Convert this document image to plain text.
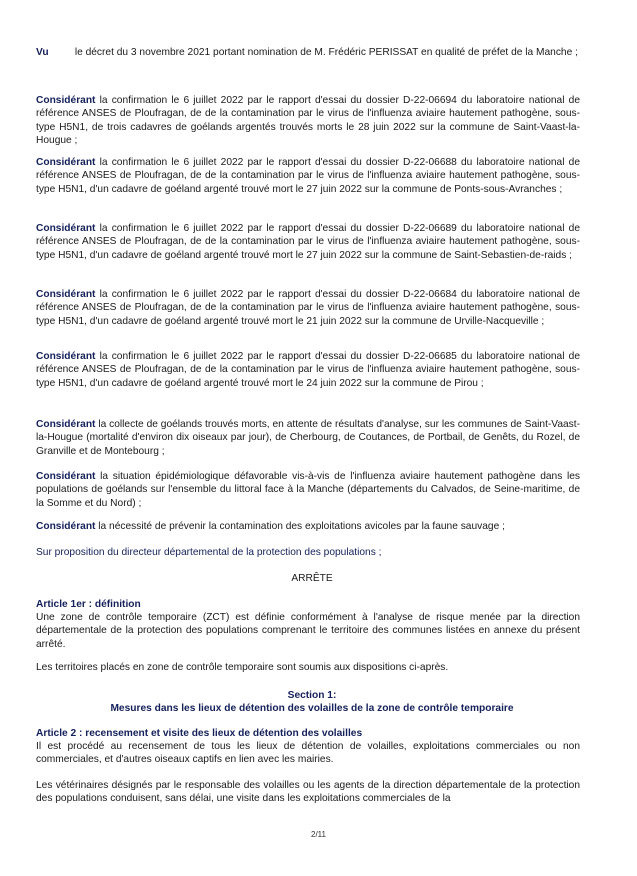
Vu	le décret du 3 novembre 2021 portant nomination de M. Frédéric PERISSAT en qualité de préfet de la Manche ;
Considérant la confirmation le 6 juillet 2022 par le rapport d'essai du dossier D-22-06694 du laboratoire national de référence ANSES de Ploufragan, de de la contamination par le virus de l'influenza aviaire hautement pathogène, sous-type H5N1, de trois cadavres de goélands argentés trouvés morts le 28 juin 2022 sur la commune de Saint-Vaast-la-Hougue ;
Considérant la confirmation le 6 juillet 2022 par le rapport d'essai du dossier D-22-06688 du laboratoire national de référence ANSES de Ploufragan, de de la contamination par le virus de l'influenza aviaire hautement pathogène, sous-type H5N1, d'un cadavre de goéland argenté trouvé mort le 27 juin 2022 sur la commune de Ponts-sous-Avranches ;
Considérant la confirmation le 6 juillet 2022 par le rapport d'essai du dossier D-22-06689 du laboratoire national de référence ANSES de Ploufragan, de de la contamination par le virus de l'influenza aviaire hautement pathogène, sous-type H5N1, d'un cadavre de goéland argenté trouvé mort le 27 juin 2022 sur la commune de Saint-Sebastien-de-raids ;
Considérant la confirmation le 6 juillet 2022 par le rapport d'essai du dossier D-22-06684 du laboratoire national de référence ANSES de Ploufragan, de de la contamination par le virus de l'influenza aviaire hautement pathogène, sous-type H5N1, d'un cadavre de goéland argenté trouvé mort le 21 juin 2022 sur la commune de Urville-Nacqueville ;
Considérant la confirmation le 6 juillet 2022 par le rapport d'essai du dossier D-22-06685 du laboratoire national de référence ANSES de Ploufragan, de de la contamination par le virus de l'influenza aviaire hautement pathogène, sous-type H5N1, d'un cadavre de goéland argenté trouvé mort le 24 juin 2022 sur la commune de Pirou ;
Considérant la collecte de goélands trouvés morts, en attente de résultats d'analyse, sur les communes de Saint-Vaast-la-Hougue (mortalité d'environ dix oiseaux par jour), de Cherbourg, de Coutances, de Portbail, de Genêts, du Rozel, de Granville et de Montebourg ;
Considérant la situation épidémiologique défavorable vis-à-vis de l'influenza aviaire hautement pathogène dans les populations de goélands sur l'ensemble du littoral face à la Manche (départements du Calvados, de Seine-maritime, de la Somme et du Nord) ;
Considérant la nécessité de prévenir la contamination des exploitations avicoles par la faune sauvage ;
Sur proposition du directeur départemental de la protection des populations ;
ARRÊTE
Article 1er : définition
Une zone de contrôle temporaire (ZCT) est définie conformément à l'analyse de risque menée par la direction départementale de la protection des populations comprenant le territoire des communes listées en annexe du présent arrêté.
Les territoires placés en zone de contrôle temporaire sont soumis aux dispositions ci-après.
Section 1:
Mesures dans les lieux de détention des volailles de la zone de contrôle temporaire
Article 2 : recensement et visite des lieux de détention des volailles
Il est procédé au recensement de tous les lieux de détention de volailles, exploitations commerciales ou non commerciales, et d'autres oiseaux captifs en lien avec les mairies.
Les vétérinaires désignés par le responsable des volailles ou les agents de la direction départementale de la protection des populations conduisent, sans délai, une visite dans les exploitations commerciales de la
2/11
